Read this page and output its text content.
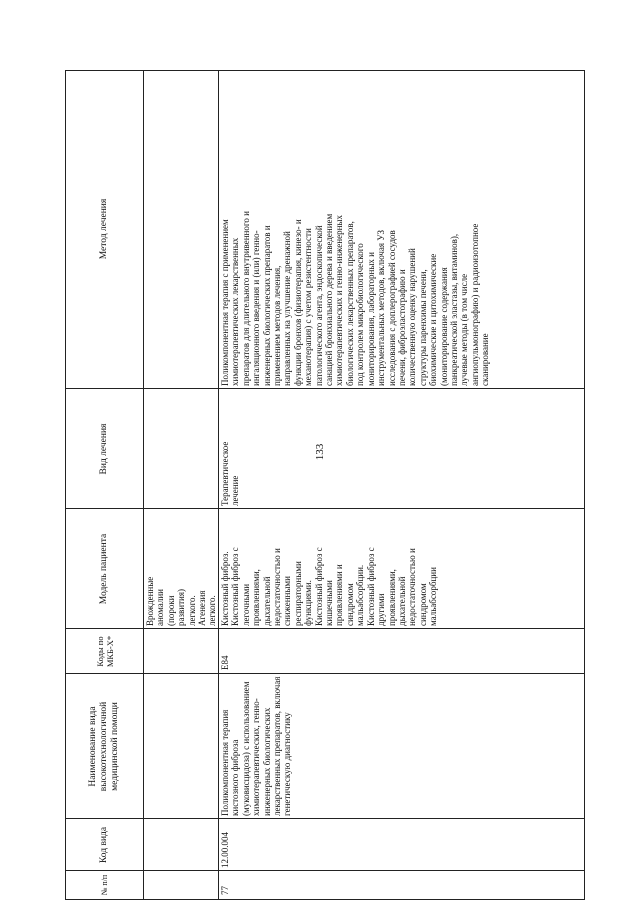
133
№ п/п
Код вида
Наименование вида высокотехнологичной медицинской помощи
Коды по МКБ-X*
Модель пациента
Вид лечения
Метод лечения
Врожденные аномалии (пороки развития) легкого. Агенезия легкого.
77
12.00.004
Поликомпонентная терапия кистозного фиброза (муковисцидоза) с использованием химиотерапевтических, генно-инженерных биологических лекарственных препаратов, включая генетическую диагностику
E84
Кистозный фиброз. Кистозный фиброз с легочными проявлениями, дыхательной недостаточностью и сниженными респираторными функциями. Кистозный фиброз с кишечными проявлениями и синдромом мальабсорбции. Кистозный фиброз с другими проявлениями, дыхательной недостаточностью и синдромом мальабсорбции
Терапевтическое лечение
Поликомпонентная терапия с применением химиотерапевтических лекарственных препаратов для длительного внутривенного и ингаляционного введения и (или) генно-инженерных биологических препаратов и применением методов лечения, направленных на улучшение дренажной функции бронхов (физиотерапия, кинезо- и механотерапия) с учетом резистентности патологического агента, эндоскопической санацией бронхиального дерева и введением химиотерапевтических и генно-инженерных биологических лекарственных препаратов, под контролем микробиологического мониторирования, лабораторных и инструментальных методов, включая УЗ исследования с доплерографией сосудов печени, фиброэластографию и количественную оценку нарушений структуры паренхимы печени, биохимические и цитохимические (мониторирование содержания панкреатической эластазы, витаминов), лучевые методы (в том числе ангиопульмонографию) и радиоизотопное сканирование
